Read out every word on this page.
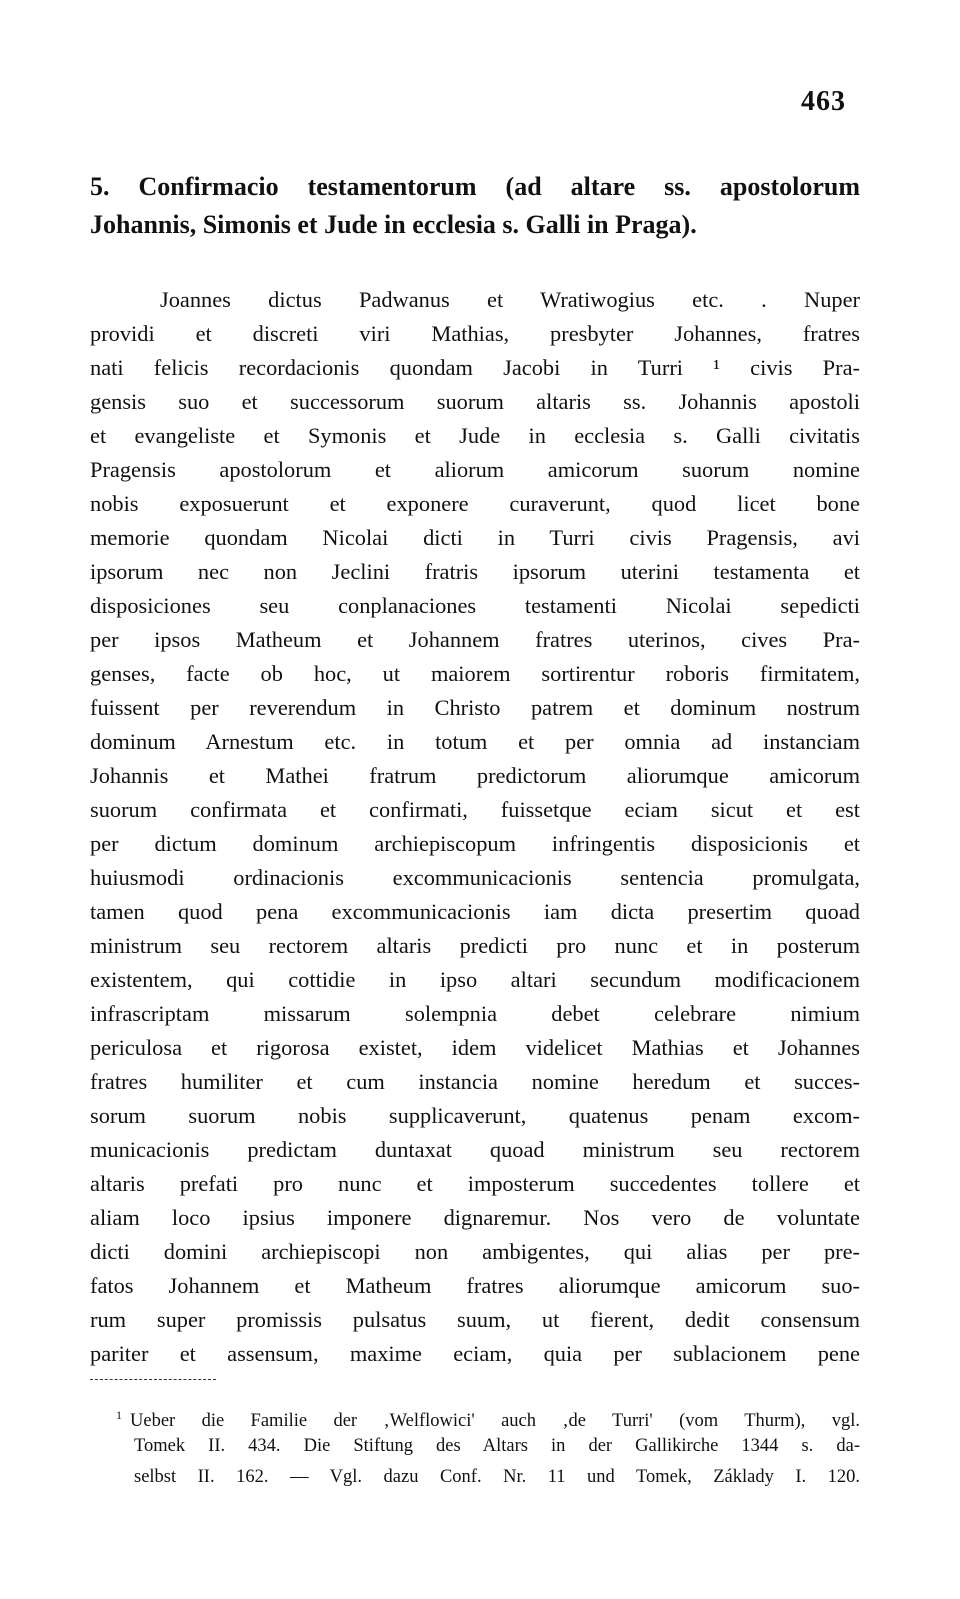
463
5. Confirmacio testamentorum (ad altare ss. apostolorum
Johannis, Simonis et Jude in ecclesia s. Galli in Praga).
Joannes dictus Padwanus et Wratiwogius etc. . Nuper
providi et discreti viri Mathias, presbyter Johannes, fratres
nati felicis recordacionis quondam Jacobi in Turri ¹ civis Pra-
gensis suo et successorum suorum altaris ss. Johannis apostoli
et evangeliste et Symonis et Jude in ecclesia s. Galli civitatis
Pragensis apostolorum et aliorum amicorum suorum nomine
nobis exposuerunt et exponere curaverunt, quod licet bone
memorie quondam Nicolai dicti in Turri civis Pragensis, avi
ipsorum nec non Jeclini fratris ipsorum uterini testamenta et
disposiciones seu conplanaciones testamenti Nicolai sepedicti
per ipsos Matheum et Johannem fratres uterinos, cives Pra-
genses, facte ob hoc, ut maiorem sortirentur roboris firmitatem,
fuissent per reverendum in Christo patrem et dominum nostrum
dominum Arnestum etc. in totum et per omnia ad instanciam
Johannis et Mathei fratrum predictorum aliorumque amicorum
suorum confirmata et confirmati, fuissetque eciam sicut et est
per dictum dominum archiepiscopum infringentis disposicionis et
huiusmodi ordinacionis excommunicacionis sentencia promulgata,
tamen quod pena excommunicacionis iam dicta presertim quoad
ministrum seu rectorem altaris predicti pro nunc et in posterum
existentem, qui cottidie in ipso altari secundum modificacionem
infrascriptam missarum solempnia debet celebrare nimium
periculosa et rigorosa existet, idem videlicet Mathias et Johannes
fratres humiliter et cum instancia nomine heredum et succes-
sorum suorum nobis supplicaverunt, quatenus penam excom-
municacionis predictam duntaxat quoad ministrum seu rectorem
altaris prefati pro nunc et imposterum succedentes tollere et
aliam loco ipsius imponere dignaremur. Nos vero de voluntate
dicti domini archiepiscopi non ambigentes, qui alias per pre-
fatos Johannem et Matheum fratres aliorumque amicorum suo-
rum super promissis pulsatus suum, ut fierent, dedit consensum
pariter et assensum, maxime eciam, quia per sublacionem pene
$^1$ Ueber die Familie der ‚Welflowici' auch ‚de Turri' (vom Thurm), vgl.
Tomek II. 434. Die Stiftung des Altars in der Gallikirche 1344 s. da-
selbst II. 162. — Vgl. dazu Conf. Nr. 11 und Tomek, Základy I. 120.
